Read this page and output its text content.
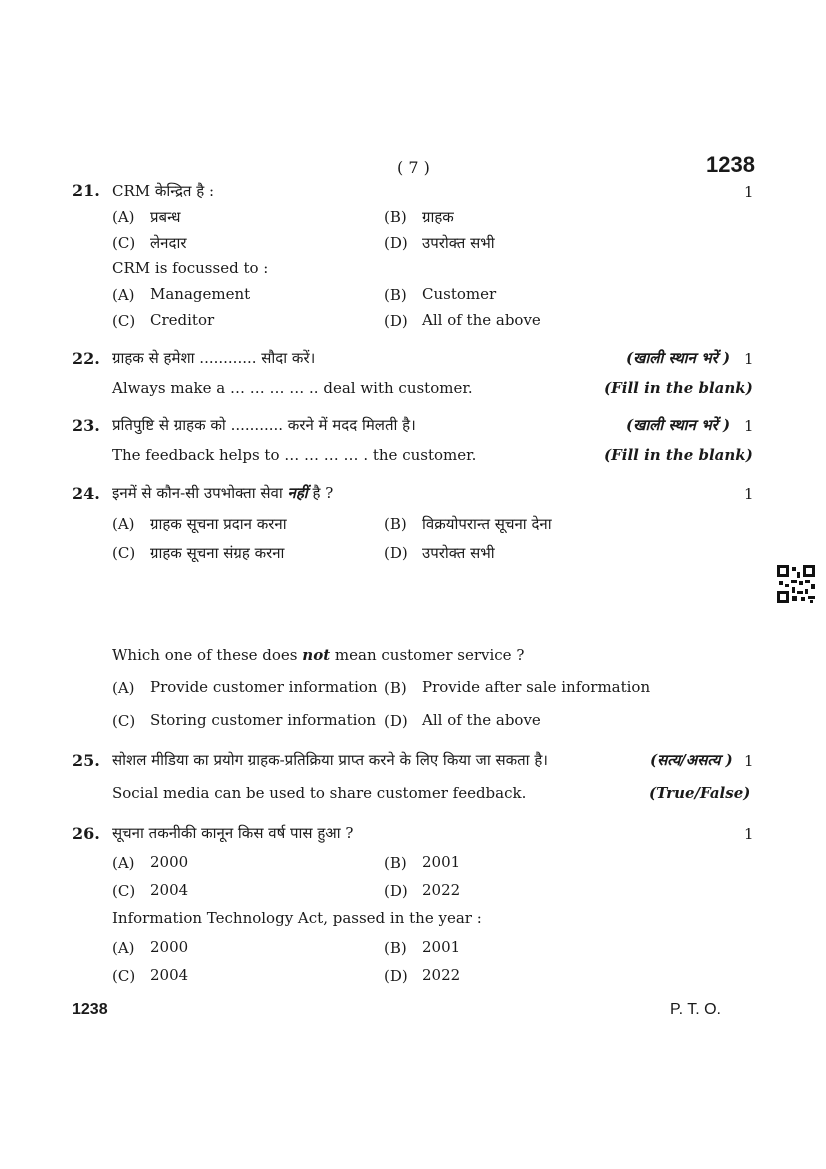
( 7 )	1238
21. CRM केन्द्रित है :	1
(A) प्रबन्ध	(B) ग्राहक
(C) लेनदार	(D) उपरोक्त सभी
CRM is focussed to :
(A) Management	(B) Customer
(C) Creditor	(D) All of the above
22. ग्राहक से हमेशा ............ सौदा करें।	(खाली स्थान भरें ) 1
Always make a … … … … .. deal with customer.	(Fill in the blank)
23. प्रतिपुष्टि से ग्राहक को ........... करने में मदद मिलती है।	(खाली स्थान भरें ) 1
The feedback helps to … … … … . the customer.	(Fill in the blank)
24. इनमें से कौन-सी उपभोक्ता सेवा नहीं है ?	1
(A) ग्राहक सूचना प्रदान करना	(B) विक्रयोपरान्त सूचना देना
(C) ग्राहक सूचना संग्रह करना	(D) उपरोक्त सभी
Which one of these does not mean customer service ?
(A) Provide customer information (B) Provide after sale information
(C) Storing customer information (D) All of the above
25. सोशल मीडिया का प्रयोग ग्राहक-प्रतिक्रिया प्राप्त करने के लिए किया जा सकता है।	(सत्य/असत्य ) 1
Social media can be used to share customer feedback.	(True/False)
26. सूचना तकनीकी कानून किस वर्ष पास हुआ ?	1
(A) 2000	(B) 2001
(C) 2004	(D) 2022
Information Technology Act, passed in the year :
(A) 2000	(B) 2001
(C) 2004	(D) 2022
1238	P. T. O.
